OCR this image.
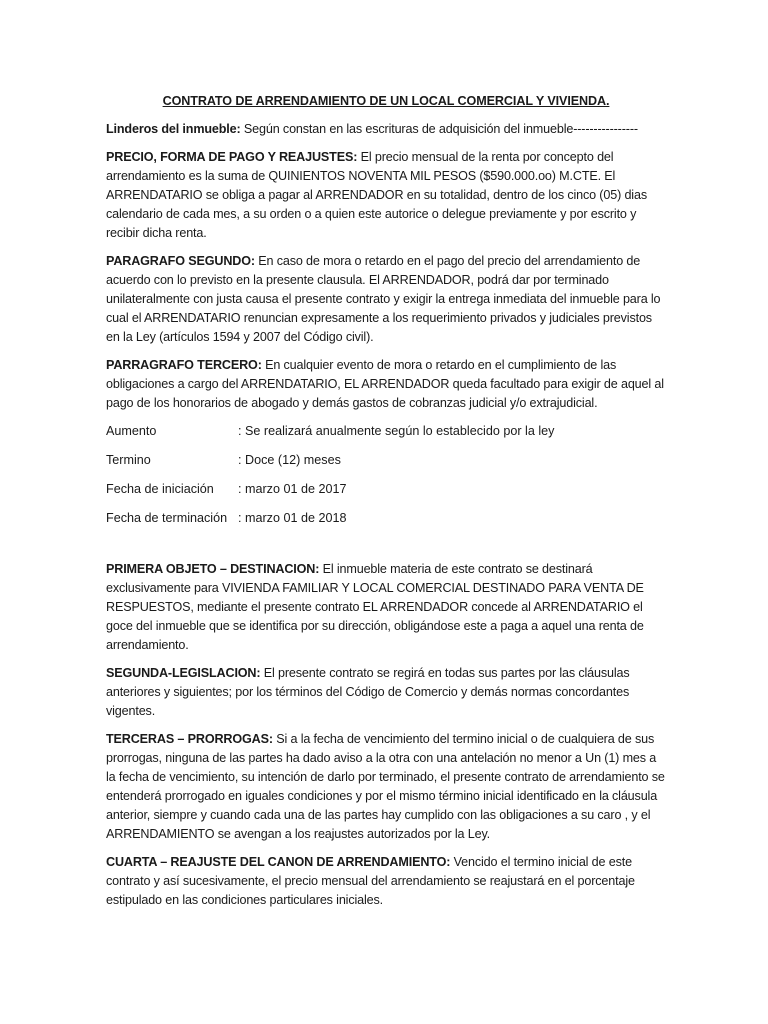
CONTRATO DE ARRENDAMIENTO DE UN LOCAL COMERCIAL Y VIVIENDA.

Linderos del inmueble: Según constan en las escrituras de adquisición del inmueble----------------

PRECIO, FORMA DE PAGO Y REAJUSTES: El precio mensual de la renta por concepto del arrendamiento es la suma de QUINIENTOS NOVENTA MIL PESOS ($590.000.oo) M.CTE. El ARRENDATARIO se obliga a pagar al ARRENDADOR en su totalidad, dentro de los cinco (05) dias calendario de cada mes, a su orden o a quien este autorice o delegue previamente y por escrito y recibir dicha renta.

PARAGRAFO SEGUNDO: En caso de mora o retardo en el pago del precio del arrendamiento de acuerdo con lo previsto en la presente clausula. El ARRENDADOR, podrá dar por terminado unilateralmente con justa causa el presente contrato y exigir la entrega inmediata del inmueble para lo cual el ARRENDATARIO renuncian expresamente a los requerimiento privados y judiciales previstos en la Ley (artículos 1594 y 2007 del Código civil).

PARRAGRAFO TERCERO: En cualquier evento de mora o retardo en el cumplimiento de las obligaciones a cargo del ARRENDATARIO, EL ARRENDADOR queda facultado para exigir de aquel al pago de los honorarios de abogado y demás gastos de cobranzas judicial y/o extrajudicial.

Aumento	: Se realizará anualmente según lo establecido por la ley
Termino	: Doce (12) meses
Fecha de iniciación	: marzo 01 de 2017
Fecha de terminación : marzo 01 de 2018

PRIMERA OBJETO – DESTINACION: El inmueble materia de este contrato se destinará exclusivamente para VIVIENDA FAMILIAR Y LOCAL COMERCIAL DESTINADO PARA VENTA DE RESPUESTOS, mediante el presente contrato EL ARRENDADOR concede al ARRENDATARIO el goce del inmueble que se identifica por su dirección, obligándose este a paga a aquel una renta de arrendamiento.

SEGUNDA-LEGISLACION: El presente contrato se regirá en todas sus partes por las cláusulas anteriores y siguientes; por los términos del Código de Comercio y demás normas concordantes vigentes.

TERCERAS – PRORROGAS: Si a la fecha de vencimiento del termino inicial o de cualquiera de sus prorrogas, ninguna de las partes ha dado aviso a la otra con una antelación no menor a Un (1) mes a la fecha de vencimiento, su intención de darlo por terminado, el presente contrato de arrendamiento se entenderá prorrogado en iguales condiciones y por el mismo término inicial identificado en la cláusula anterior, siempre y cuando cada una de las partes hay cumplido con las obligaciones a su caro , y el ARRENDAMIENTO se avengan a los reajustes autorizados por la Ley.

CUARTA – REAJUSTE DEL CANON DE ARRENDAMIENTO: Vencido el termino inicial de este contrato y así sucesivamente, el precio mensual del arrendamiento se reajustará en el porcentaje estipulado en las condiciones particulares iniciales.
